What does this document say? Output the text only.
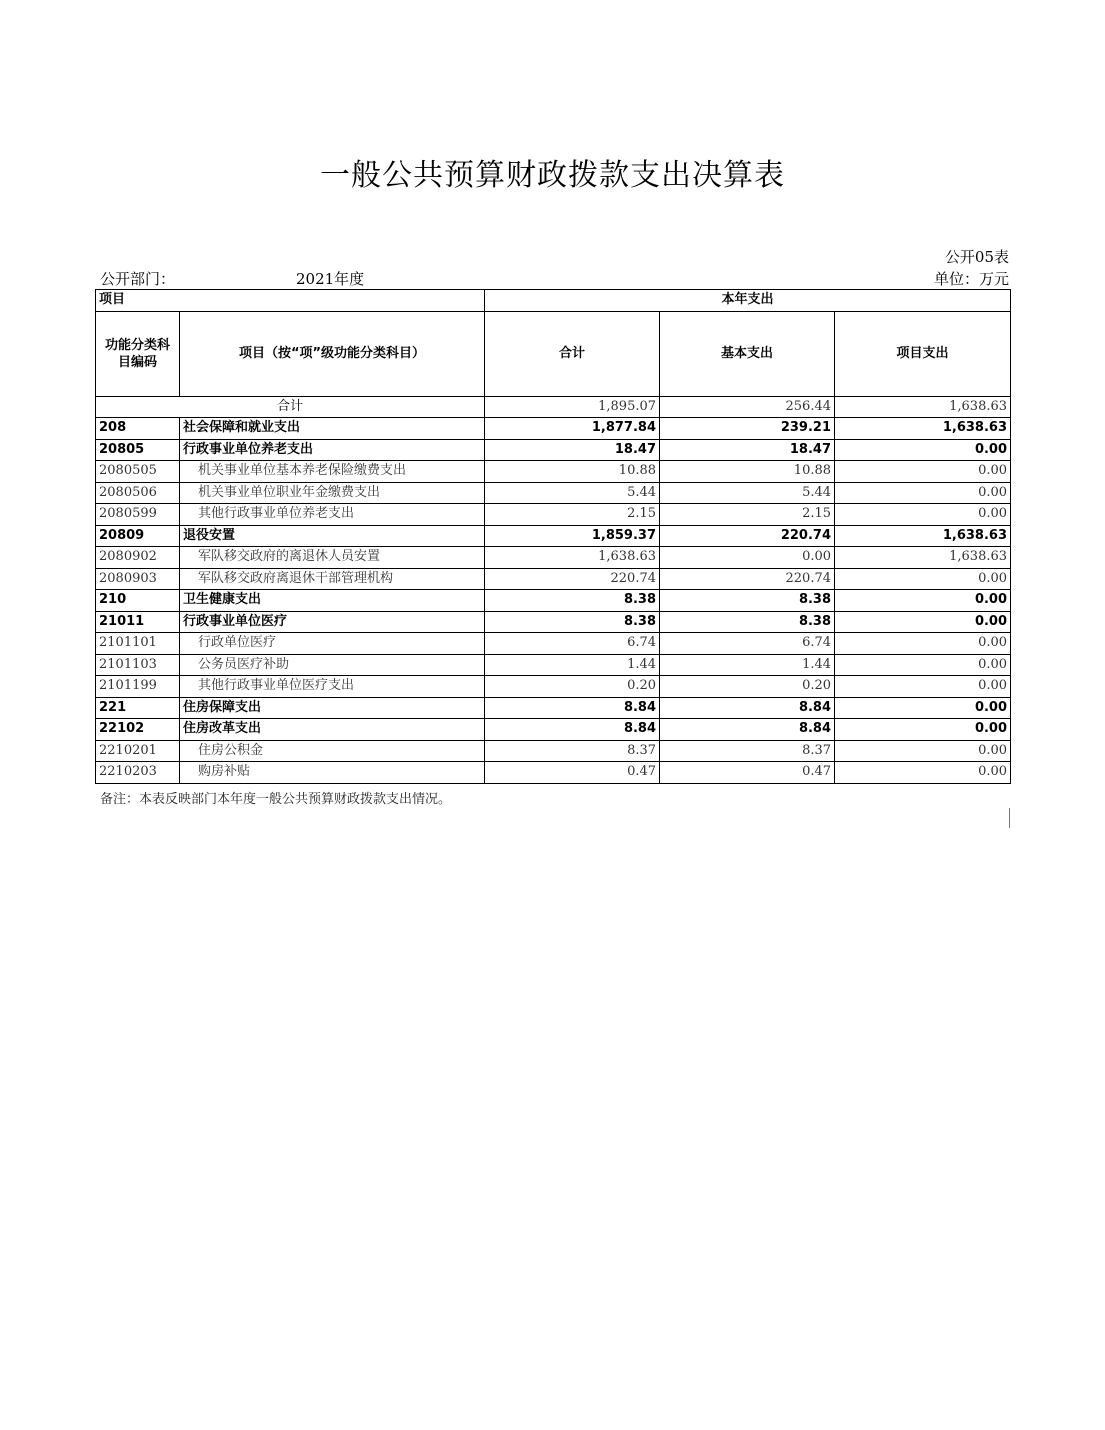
一般公共预算财政拨款支出决算表
公开05表
公开部门：	2021年度	单位：万元
项目		本年支出		
功能分类科目编码	项目（按“项”级功能分类科目）	合计	基本支出	项目支出
合计		1,895.07	256.44	1,638.63
208	社会保障和就业支出	1,877.84	239.21	1,638.63
20805	行政事业单位养老支出	18.47	18.47	0.00
2080505	机关事业单位基本养老保险缴费支出	10.88	10.88	0.00
2080506	机关事业单位职业年金缴费支出	5.44	5.44	0.00
2080599	其他行政事业单位养老支出	2.15	2.15	0.00
20809	退役安置	1,859.37	220.74	1,638.63
2080902	军队移交政府的离退休人员安置	1,638.63	0.00	1,638.63
2080903	军队移交政府离退休干部管理机构	220.74	220.74	0.00
210	卫生健康支出	8.38	8.38	0.00
21011	行政事业单位医疗	8.38	8.38	0.00
2101101	行政单位医疗	6.74	6.74	0.00
2101103	公务员医疗补助	1.44	1.44	0.00
2101199	其他行政事业单位医疗支出	0.20	0.20	0.00
221	住房保障支出	8.84	8.84	0.00
22102	住房改革支出	8.84	8.84	0.00
2210201	住房公积金	8.37	8.37	0.00
2210203	购房补贴	0.47	0.47	0.00
备注：本表反映部门本年度一般公共预算财政拨款支出情况。
